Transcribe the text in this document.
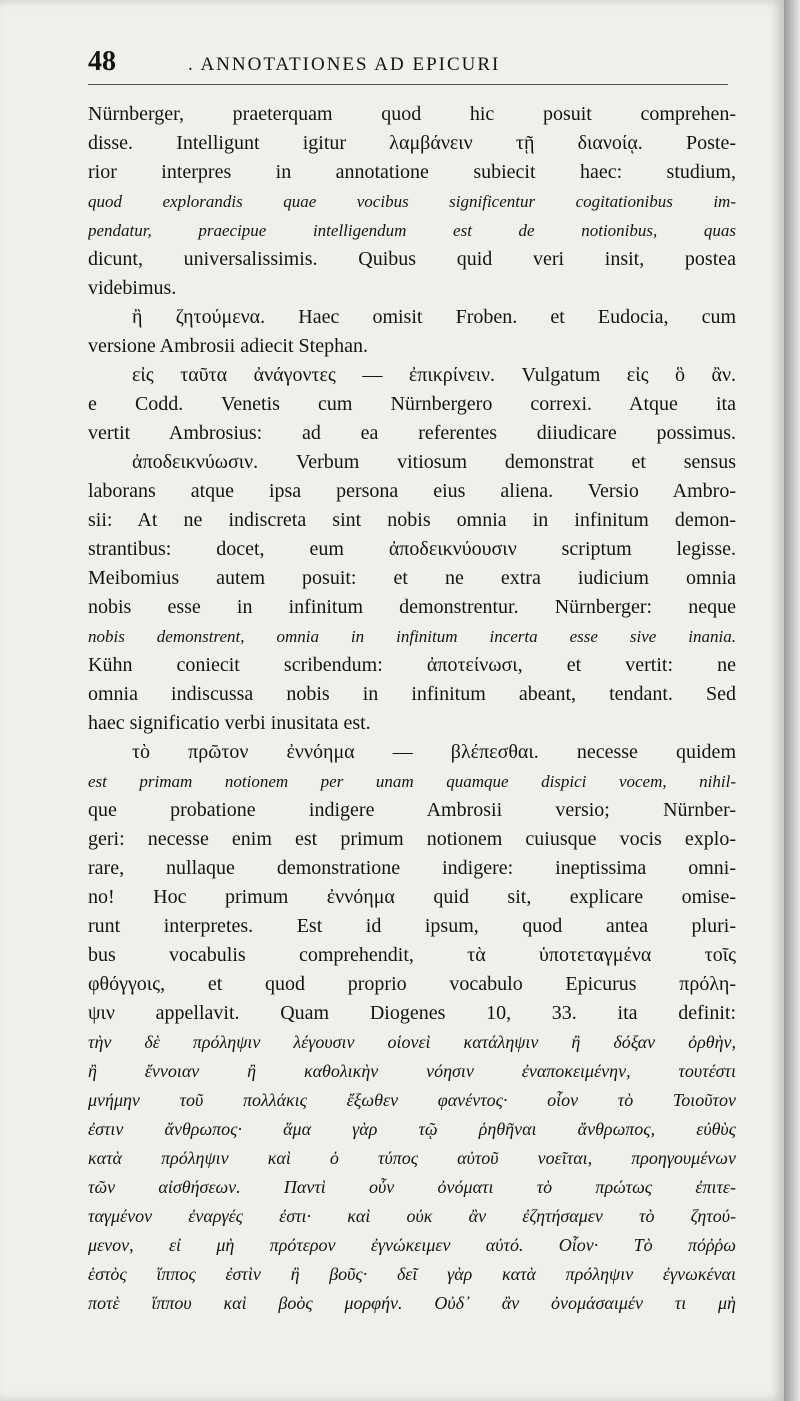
48	. ANNOTATIONES AD EPICURI
Nürnberger, praeterquam quod hic posuit comprehen-
disse. Intelligunt igitur λαμβάνειν τῇ διανοίᾳ. Poste-
rior interpres in annotatione subiecit haec: studium,
quod explorandis quae vocibus significentur cogitationibus im-
pendatur, praecipue intelligendum est de notionibus, quas
dicunt, universalissimis. Quibus quid veri insit, postea
videbimus.
ἢ ζητούμενα. Haec omisit Froben. et Eudocia, cum
versione Ambrosii adiecit Stephan.
εἰς ταῦτα ἀνάγοντες — ἐπικρίνειν. Vulgatum εἰς ὃ ἂν.
e Codd. Venetis cum Nürnbergero correxi. Atque ita
vertit Ambrosius: ad ea referentes diiudicare possimus.
ἀποδεικνύωσιν. Verbum vitiosum demonstrat et sensus
laborans atque ipsa persona eius aliena. Versio Ambro-
sii: At ne indiscreta sint nobis omnia in infinitum demon-
strantibus: docet, eum ἀποδεικνύουσιν scriptum legisse.
Meibomius autem posuit: et ne extra iudicium omnia
nobis esse in infinitum demonstrentur. Nürnberger: neque
nobis demonstrent, omnia in infinitum incerta esse sive inania.
Kühn coniecit scribendum: ἀποτείνωσι, et vertit: ne
omnia indiscussa nobis in infinitum abeant, tendant. Sed
haec significatio verbi inusitata est.
τὸ πρῶτον ἐννόημα — βλέπεσθαι. necesse quidem
est primam notionem per unam quamque dispici vocem, nihil-
que probatione indigere Ambrosii versio; Nürnber-
geri: necesse enim est primum notionem cuiusque vocis explo-
rare, nullaque demonstratione indigere: ineptissima omni-
no! Hoc primum ἐννόημα quid sit, explicare omise-
runt interpretes. Est id ipsum, quod antea pluri-
bus vocabulis comprehendit, τὰ ὑποτεταγμένα τοῖς
φθόγγοις, et quod proprio vocabulo Epicurus πρόλη-
ψιν appellavit. Quam Diogenes 10, 33. ita definit:
τὴν δὲ πρόληψιν λέγουσιν οἱονεὶ κατάληψιν ἢ δόξαν ὀρθὴν,
ἢ ἔννοιαν ἢ καθολικὴν νόησιν ἐναποκειμένην, τουτέστι
μνήμην τοῦ πολλάκις ἔξωθεν φανέντος· οἷον τὸ Τοιοῦτον
ἐστιν ἄνθρωπος· ἅμα γὰρ τῷ ῥηθῆναι ἄνθρωπος, εὐθὺς
κατὰ πρόληψιν καὶ ὁ τύπος αὐτοῦ νοεῖται, προηγουμένων
τῶν αἰσθήσεων. Παντὶ οὖν ὀνόματι τὸ πρώτως ἐπιτε-
ταγμένον ἐναργές ἐστι· καὶ οὐκ ἂν ἐζητήσαμεν τὸ ζητού-
μενον, εἰ μὴ πρότερον ἐγνώκειμεν αὐτό. Οἷον· Τὸ πόῤῥω
ἑστὸς ἵππος ἐστὶν ἢ βοῦς· δεῖ γὰρ κατὰ πρόληψιν ἐγνωκέναι
ποτὲ ἵππου καὶ βοὸς μορφήν. Οὐδ᾽ ἂν ὀνομάσαιμέν τι μὴ
